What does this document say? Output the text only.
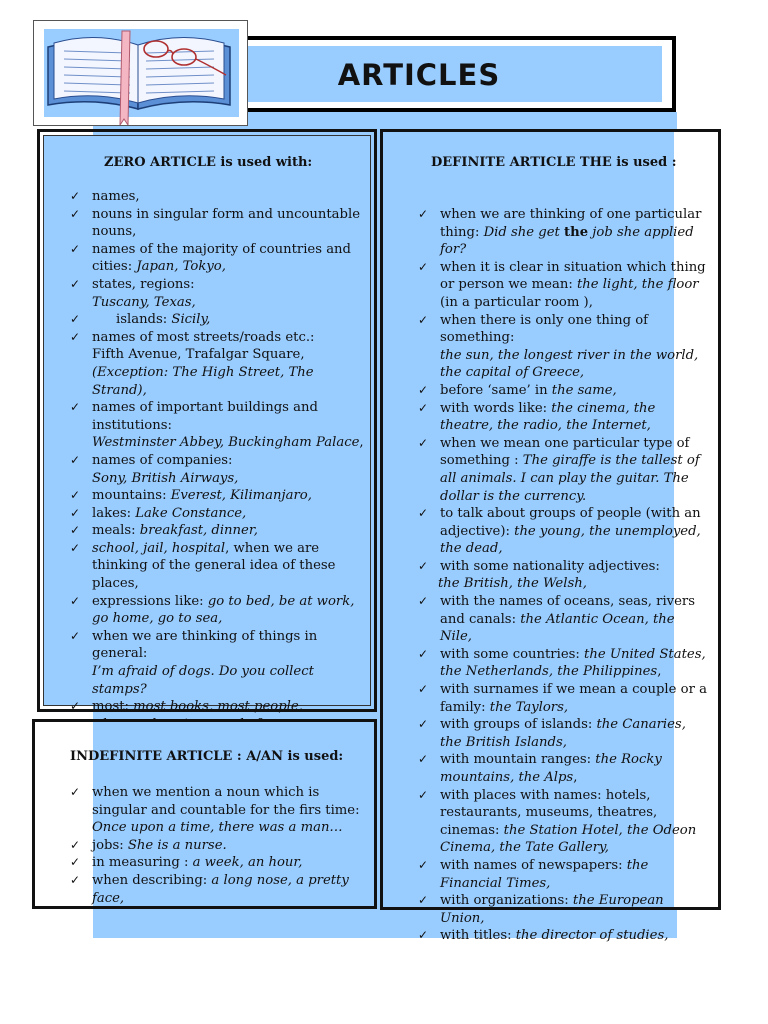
ARTICLES
ZERO ARTICLE is used with:
✓ names,
✓ nouns in singular form and uncountable nouns,
✓ names of the majority of countries and cities: Japan, Tokyo,
✓ states, regions:
Tuscany, Texas,
✓	islands: Sicily,
✓ names of most streets/roads etc.:
Fifth Avenue, Trafalgar Square,
(Exception: The High Street, The Strand),
✓ names of important buildings and institutions:
Westminster Abbey, Buckingham Palace,
✓ names of companies:
Sony, British Airways,
✓ mountains: Everest, Kilimanjaro,
✓ lakes: Lake Constance,
✓ meals: breakfast, dinner,
✓ school, jail, hospital, when we are thinking of the general idea of these places,
✓ expressions like: go to bed, be at work, go home, go to sea,
✓ when we are thinking of things in general:
I’m afraid of dogs. Do you collect stamps?
✓ most: most books, most people,
INDEFINITE ARTICLE : A/AN is used:
✓ when we mention a noun which is singular and countable for the firs time:
Once upon a time, there was a man…
✓ jobs: She is a nurse.
✓ in measuring : a week, an hour,
✓ when describing: a long nose, a pretty face,
DEFINITE ARTICLE THE is used :
✓ when we are thinking of one particular thing: Did she get the job she applied for?
✓ when it is clear in situation which thing or person we mean: the light, the floor (in a particular room ),
✓ when there is only one thing of something:
the sun, the longest river in the world, the capital of Greece,
✓ before ‘same’ in the same,
✓ with words like: the cinema, the theatre, the radio, the Internet,
✓ when we mean one particular type of something : The giraffe is the tallest of all animals. I can play the guitar. The dollar is the currency.
✓ to talk about groups of people (with an adjective): the young, the unemployed, the dead,
✓ with some nationality adjectives:
the British, the Welsh,
✓ with the names of oceans, seas, rivers and canals: the Atlantic Ocean, the Nile,
✓ with some countries: the United States, the Netherlands, the Philippines,
✓ with surnames if we mean a couple or a family: the Taylors,
✓ with groups of islands: the Canaries, the British Islands,
✓ with mountain ranges: the Rocky mountains, the Alps,
✓ with places with names: hotels, restaurants, museums, theatres, cinemas: the Station Hotel, the Odeon Cinema, the Tate Gallery,
✓ with names of newspapers: the Financial Times,
✓ with organizations: the European Union,
✓ with titles: the director of studies,
